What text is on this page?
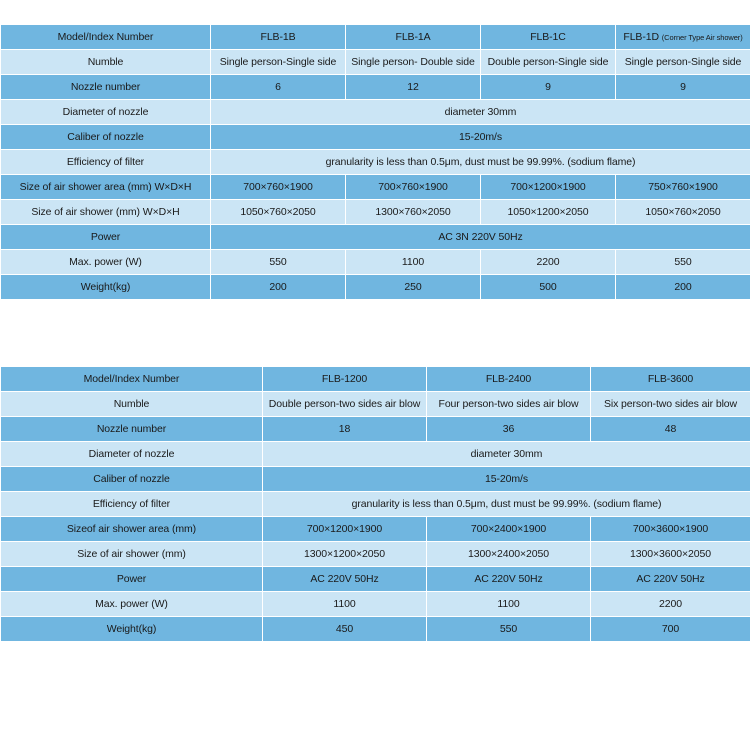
Model/Index Number	FLB-1B	FLB-1A	FLB-1C	FLB-1D (Corner Type Air shower)
Numble	Single person-Single side	Single person- Double side	Double person-Single side	Single person-Single side
Nozzle number	6	12	9	9
Diameter of nozzle	diameter 30mm			
Caliber of nozzle	15-20m/s			
Efficiency of filter	granularity is less than 0.5μm, dust must be 99.99%. (sodium flame)			
Size of air shower area (mm) W×D×H	700×760×1900	700×760×1900	700×1200×1900	750×760×1900
Size of air shower (mm) W×D×H	1050×760×2050	1300×760×2050	1050×1200×2050	1050×760×2050
Power	AC 3N 220V 50Hz			
Max. power (W)	550	1100	2200	550
Weight(kg)	200	250	500	200
Model/Index Number	FLB-1200	FLB-2400	FLB-3600
Numble	Double person-two sides air blow	Four person-two sides air blow	Six person-two sides air blow
Nozzle number	18	36	48
Diameter of nozzle	diameter 30mm		
Caliber of nozzle	15-20m/s		
Efficiency of filter	granularity is less than 0.5μm, dust must be 99.99%. (sodium flame)		
Sizeof air shower area (mm)	700×1200×1900	700×2400×1900	700×3600×1900
Size of air shower (mm)	1300×1200×2050	1300×2400×2050	1300×3600×2050
Power	AC 220V 50Hz	AC 220V 50Hz	AC 220V 50Hz
Max. power (W)	1100	1100	2200
Weight(kg)	450	550	700
